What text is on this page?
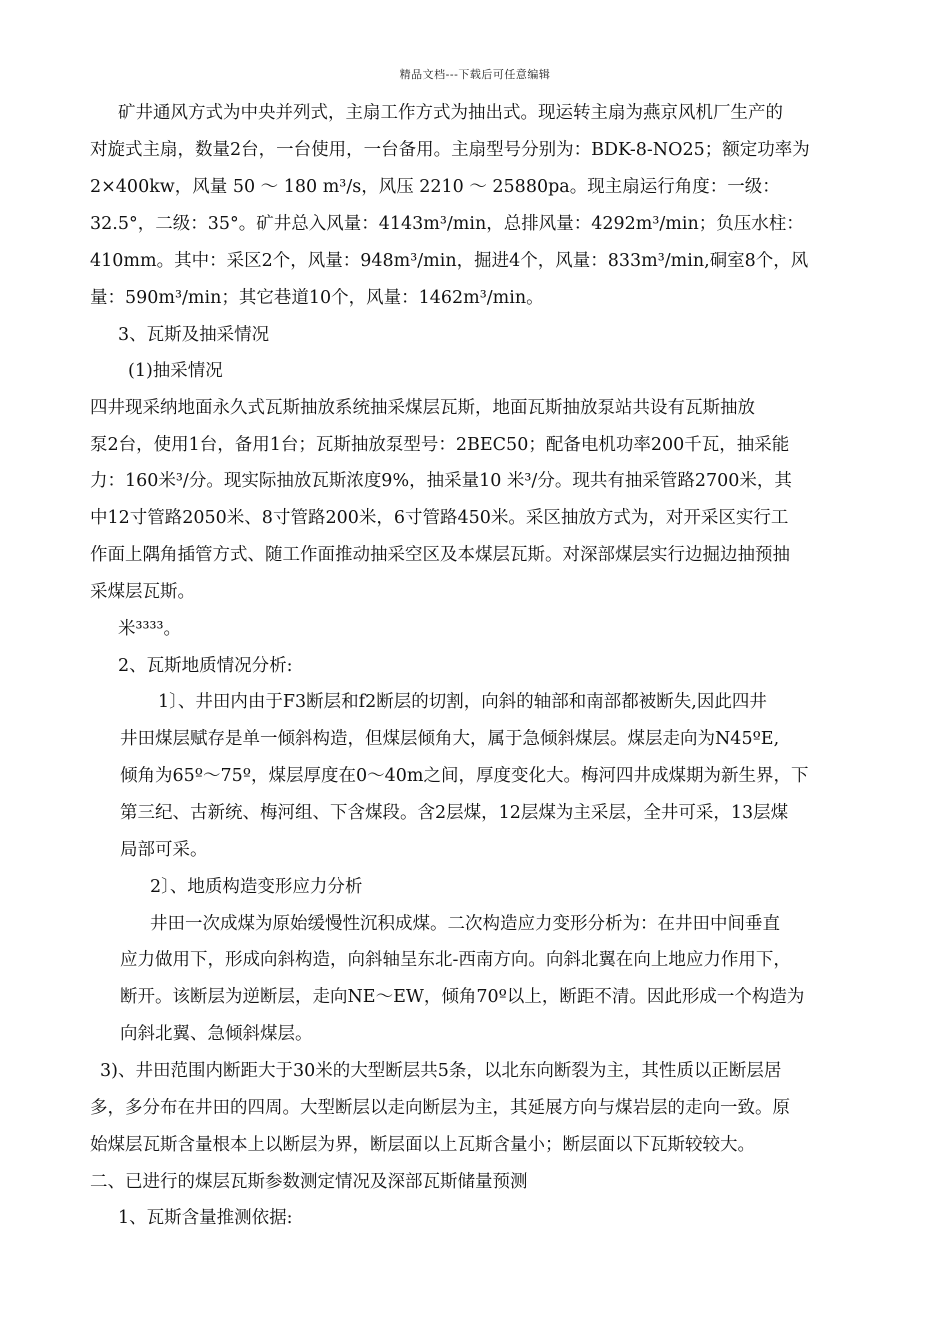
精品文档---下载后可任意编辑
矿井通风方式为中央并列式，主扇工作方式为抽出式。现运转主扇为燕京风机厂生产的
对旋式主扇，数量2台，一台使用，一台备用。主扇型号分别为：BDK-8-NO25；额定功率为
2×400kw，风量 50 ～ 180 m³/s，风压 2210 ～ 25880pa。现主扇运行角度：一级：
32.5°，二级：35°。矿井总入风量：4143m³/min，总排风量：4292m³/min；负压水柱：
410mm。其中：采区2个，风量：948m³/min，掘进4个，风量：833m³/min,硐室8个，风
量：590m³/min；其它巷道10个，风量：1462m³/min。
3、瓦斯及抽采情况
(1)抽采情况
四井现采纳地面永久式瓦斯抽放系统抽采煤层瓦斯，地面瓦斯抽放泵站共设有瓦斯抽放
泵2台，使用1台，备用1台；瓦斯抽放泵型号：2BEC50；配备电机功率200千瓦，抽采能
力：160米³/分。现实际抽放瓦斯浓度9%，抽采量10 米³/分。现共有抽采管路2700米，其
中12寸管路2050米、8寸管路200米，6寸管路450米。采区抽放方式为，对开采区实行工
作面上隅角插管方式、随工作面推动抽采空区及本煤层瓦斯。对深部煤层实行边掘边抽预抽
采煤层瓦斯。
米³³³³。
2、瓦斯地质情况分析:
1〕、井田内由于F3断层和f2断层的切割，向斜的轴部和南部都被断失,因此四井
井田煤层赋存是单一倾斜构造，但煤层倾角大，属于急倾斜煤层。煤层走向为N45ºE,
倾角为65º～75º，煤层厚度在0～40m之间，厚度变化大。梅河四井成煤期为新生界，下
第三纪、古新统、梅河组、下含煤段。含2层煤，12层煤为主采层，全井可采，13层煤
局部可采。
2〕、地质构造变形应力分析
井田一次成煤为原始缓慢性沉积成煤。二次构造应力变形分析为：在井田中间垂直
应力做用下，形成向斜构造，向斜轴呈东北-西南方向。向斜北翼在向上地应力作用下，
断开。该断层为逆断层，走向NE～EW，倾角70º以上，断距不清。因此形成一个构造为
向斜北翼、急倾斜煤层。
3)、井田范围内断距大于30米的大型断层共5条，以北东向断裂为主，其性质以正断层居
多，多分布在井田的四周。大型断层以走向断层为主，其延展方向与煤岩层的走向一致。原
始煤层瓦斯含量根本上以断层为界，断层面以上瓦斯含量小；断层面以下瓦斯较较大。
二、已进行的煤层瓦斯参数测定情况及深部瓦斯储量预测
1、瓦斯含量推测依据:
